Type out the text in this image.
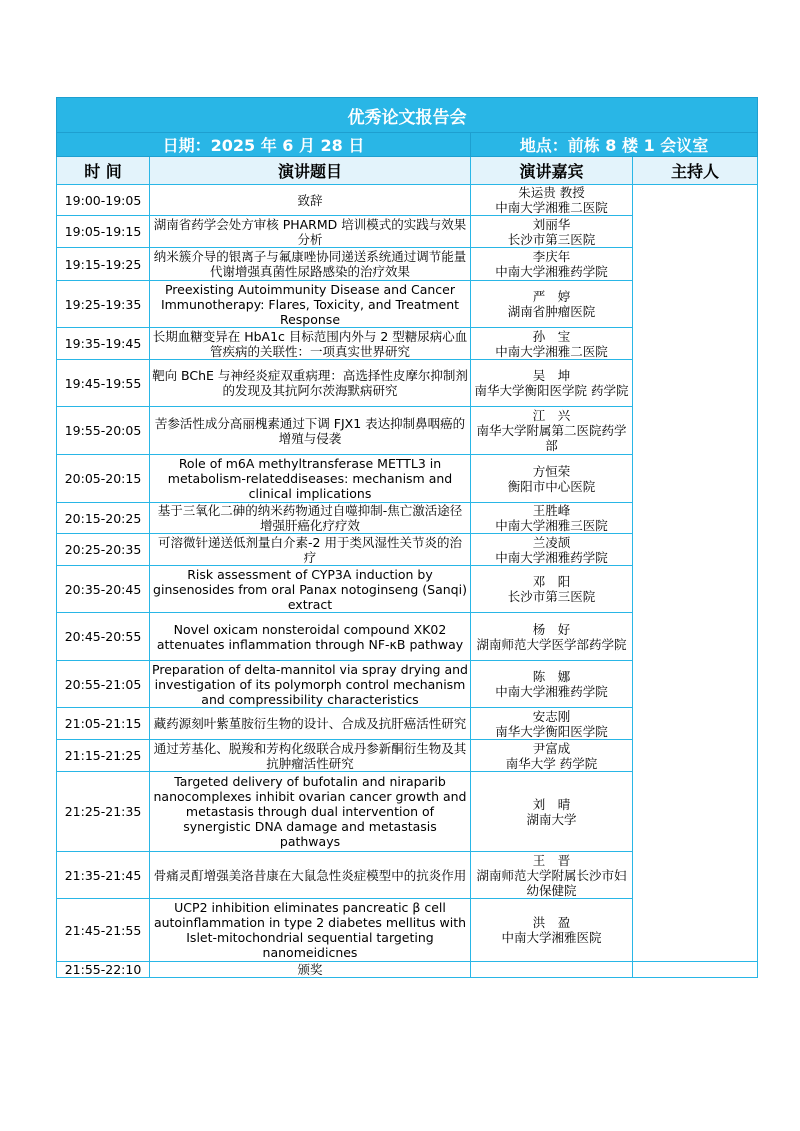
优秀论文报告会			
日期：2025 年 6 月 28 日		地点：前栋 8 楼 1 会议室	
时 间	演讲题目	演讲嘉宾	主持人
19:00-19:05	致辞	朱运贵 教授
中南大学湘雅二医院	

19:05-19:15	湖南省药学会处方审核 PHARMD 培训模式的实践与效果分析	刘丽华
长沙市第三医院	

19:15-19:25	纳米簇介导的银离子与氟康唑协同递送系统通过调节能量代谢增强真菌性尿路感染的治疗效果	李庆年
中南大学湘雅药学院	

19:25-19:35	Preexisting Autoimmunity Disease and Cancer Immunotherapy: Flares, Toxicity, and Treatment Response	严　婷
湖南省肿瘤医院	

19:35-19:45	长期血糖变异在 HbA1c 目标范围内外与 2 型糖尿病心血管疾病的关联性：一项真实世界研究	孙　宝
中南大学湘雅二医院	

19:45-19:55	靶向 BChE 与神经炎症双重病理：高选择性皮摩尔抑制剂的发现及其抗阿尔茨海默病研究	吴　坤
南华大学衡阳医学院 药学院	

19:55-20:05	苦参活性成分高丽槐素通过下调 FJX1 表达抑制鼻咽癌的增殖与侵袭	江　兴
南华大学附属第二医院药学部	

20:05-20:15	Role of m6A methyltransferase METTL3 in metabolism-relateddiseases: mechanism and clinical implications	方恒荣
衡阳市中心医院	

20:15-20:25	基于三氧化二砷的纳米药物通过自噬抑制-焦亡激活途径增强肝癌化疗疗效	王胜峰
中南大学湘雅三医院	

20:25-20:35	可溶微针递送低剂量白介素-2 用于类风湿性关节炎的治疗	兰凌颉
中南大学湘雅药学院	

20:35-20:45	Risk assessment of CYP3A induction by ginsenosides from oral Panax notoginseng (Sanqi) extract	邓　阳
长沙市第三医院	

20:45-20:55	Novel oxicam nonsteroidal compound XK02 attenuates inflammation through NF-κB pathway	杨　好
湖南师范大学医学部药学院	

20:55-21:05	Preparation of delta-mannitol via spray drying and investigation of its polymorph control mechanism and compressibility characteristics	陈　娜
中南大学湘雅药学院	

21:05-21:15	藏药源刻叶紫堇胺衍生物的设计、合成及抗肝癌活性研究	安志刚
南华大学衡阳医学院	

21:15-21:25	通过芳基化、脱羧和芳构化级联合成丹参新酮衍生物及其抗肿瘤活性研究	尹富成
南华大学 药学院	

21:25-21:35	Targeted delivery of bufotalin and niraparib nanocomplexes inhibit ovarian cancer growth and metastasis through dual intervention of synergistic DNA damage and metastasis pathways	刘　晴
湖南大学	

21:35-21:45	骨痛灵酊增强美洛昔康在大鼠急性炎症模型中的抗炎作用	王　晋
湖南师范大学附属长沙市妇幼保健院	

21:45-21:55	UCP2 inhibition eliminates pancreatic β cell autoinflammation in type 2 diabetes mellitus with Islet-mitochondrial sequential targeting nanomeidicnes	洪　盈
中南大学湘雅医院	

21:55-22:10	颁奖	
